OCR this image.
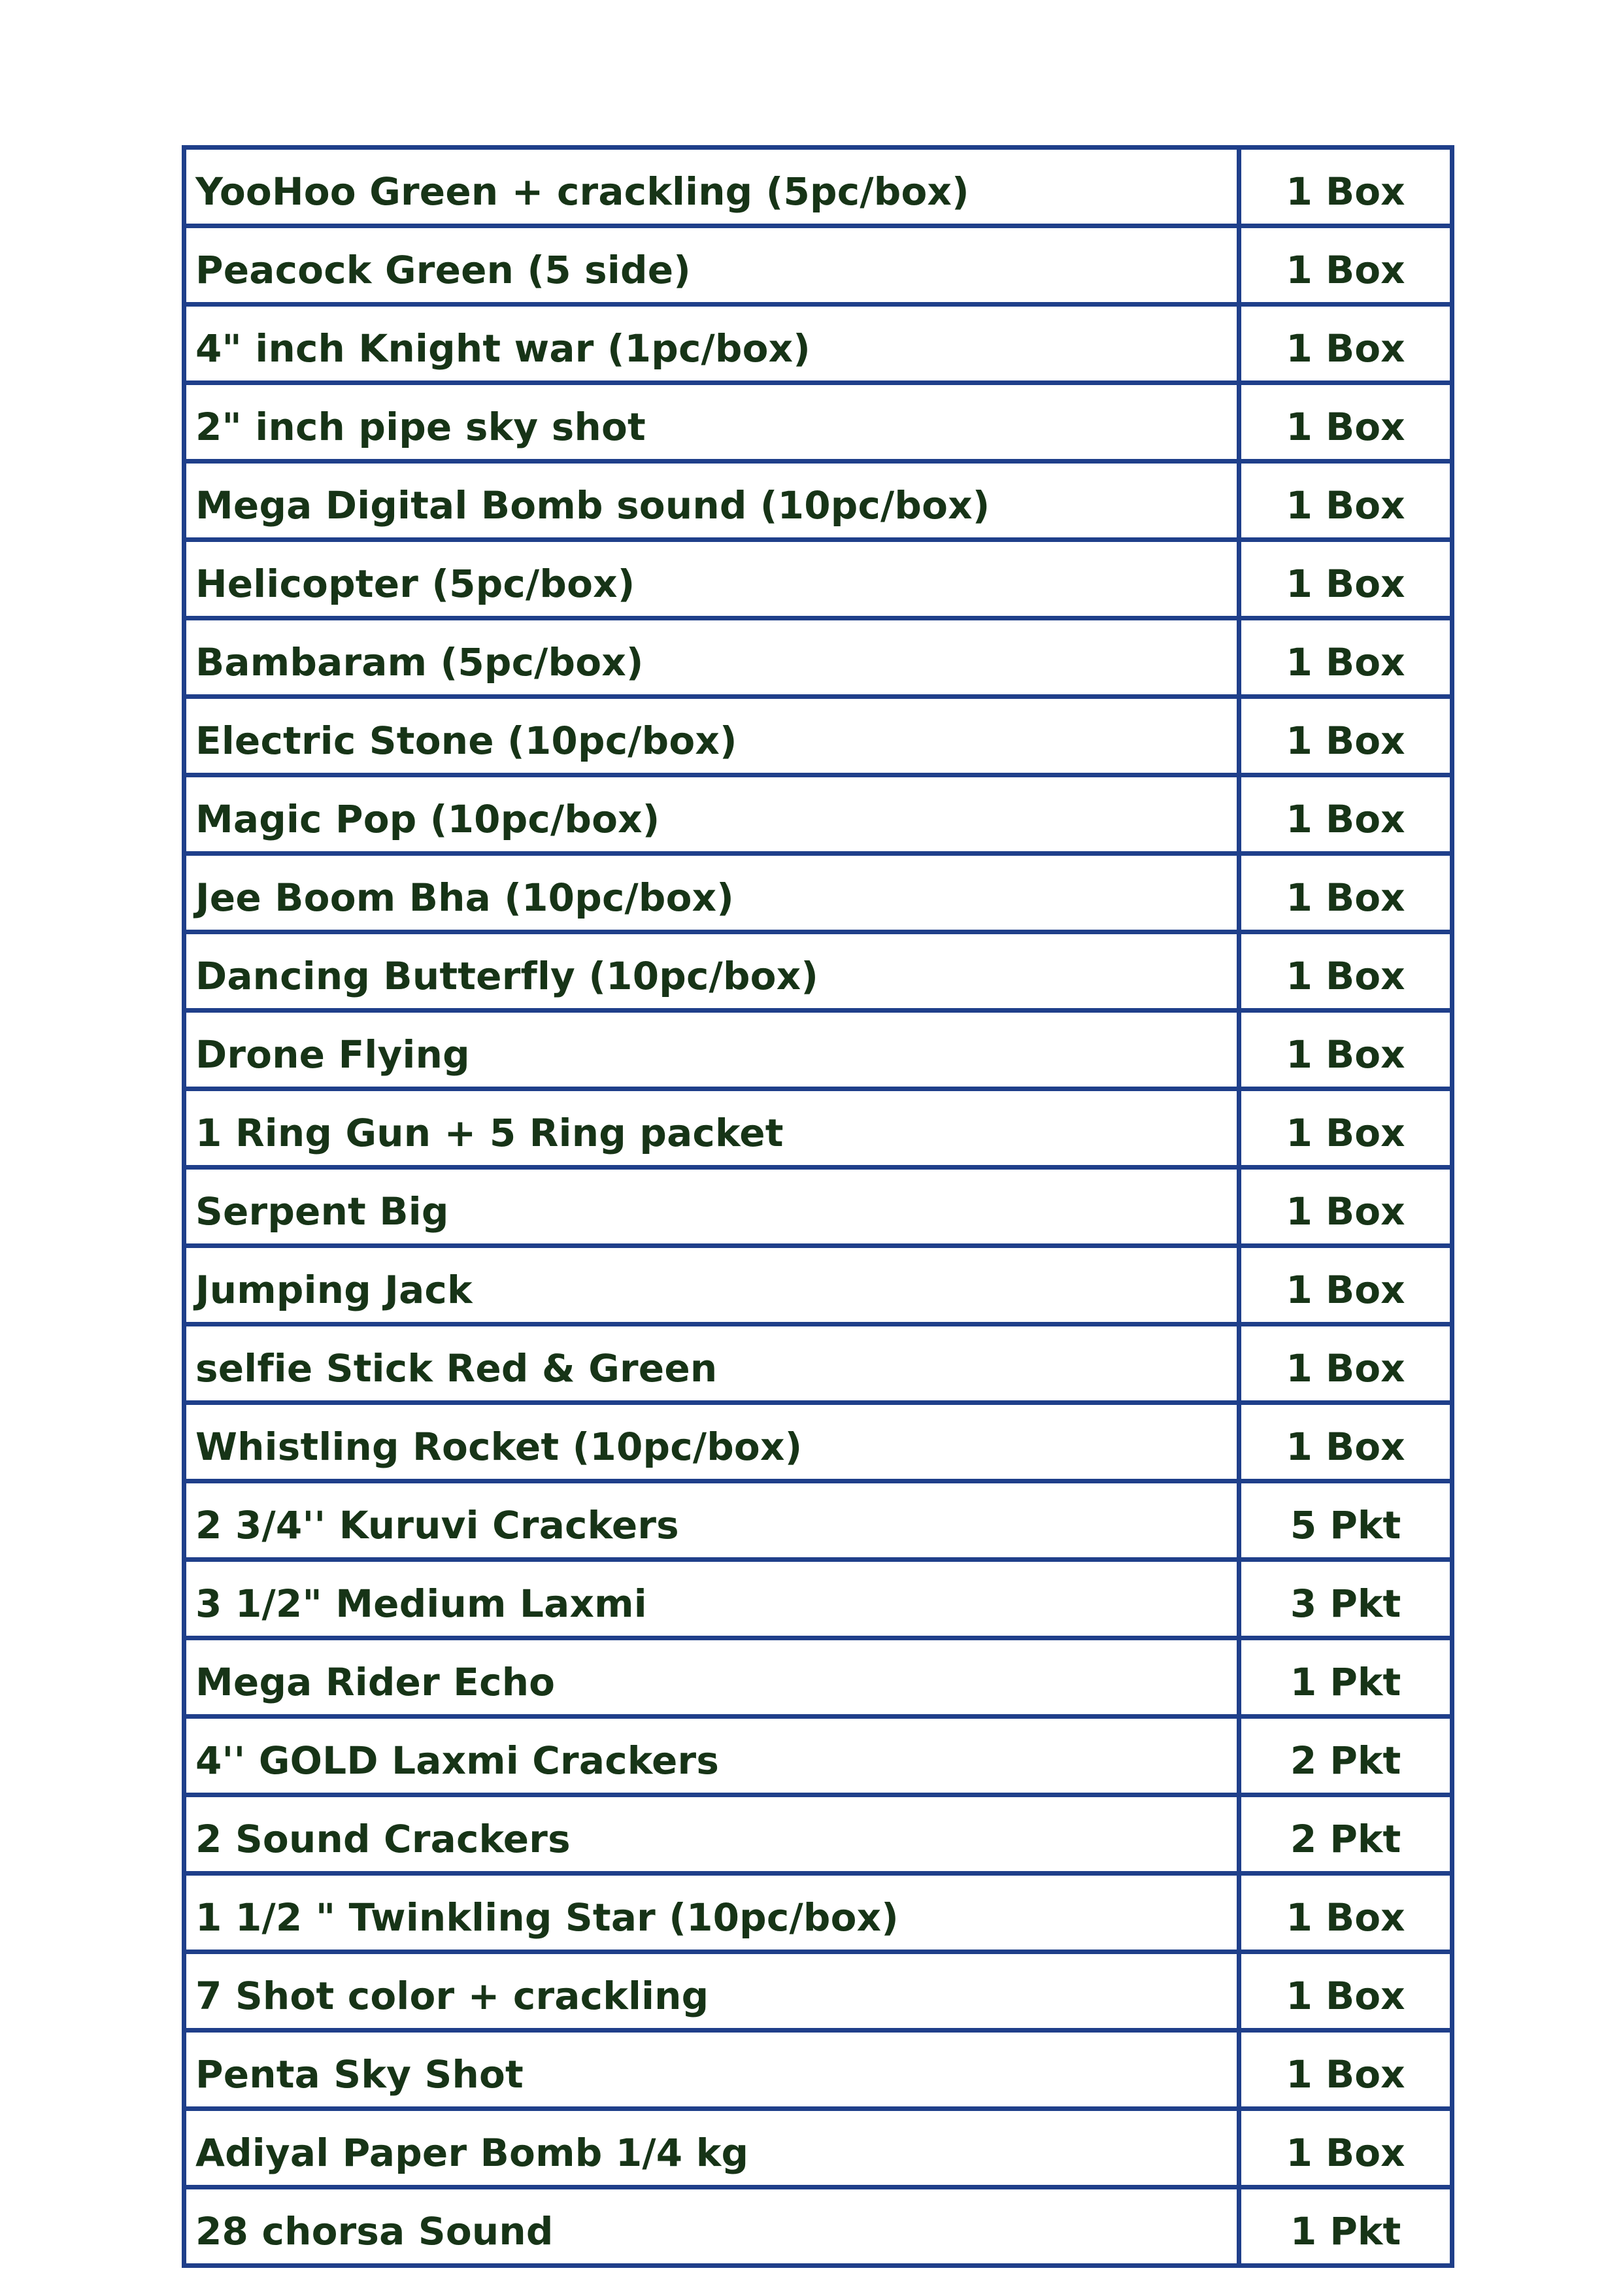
YooHoo Green + crackling (5pc/box)	1 Box
Peacock Green (5 side)	1 Box
4" inch Knight war (1pc/box)	1 Box
2" inch pipe sky shot	1 Box
Mega Digital Bomb sound (10pc/box)	1 Box
Helicopter (5pc/box)	1 Box
Bambaram (5pc/box)	1 Box
Electric Stone (10pc/box)	1 Box
Magic Pop (10pc/box)	1 Box
Jee Boom Bha (10pc/box)	1 Box
Dancing Butterfly (10pc/box)	1 Box
Drone Flying	1 Box
1 Ring Gun + 5 Ring packet	1 Box
Serpent Big	1 Box
Jumping Jack	1 Box
selfie Stick Red & Green	1 Box
Whistling Rocket (10pc/box)	1 Box
2 3/4'' Kuruvi Crackers	5 Pkt
3 1/2" Medium Laxmi	3 Pkt
Mega Rider Echo	1 Pkt
4'' GOLD Laxmi Crackers	2 Pkt
2 Sound Crackers	2 Pkt
1 1/2 " Twinkling Star (10pc/box)	1 Box
7 Shot color + crackling	1 Box
Penta Sky Shot	1 Box
Adiyal Paper Bomb 1/4 kg	1 Box
28 chorsa Sound	1 Pkt
